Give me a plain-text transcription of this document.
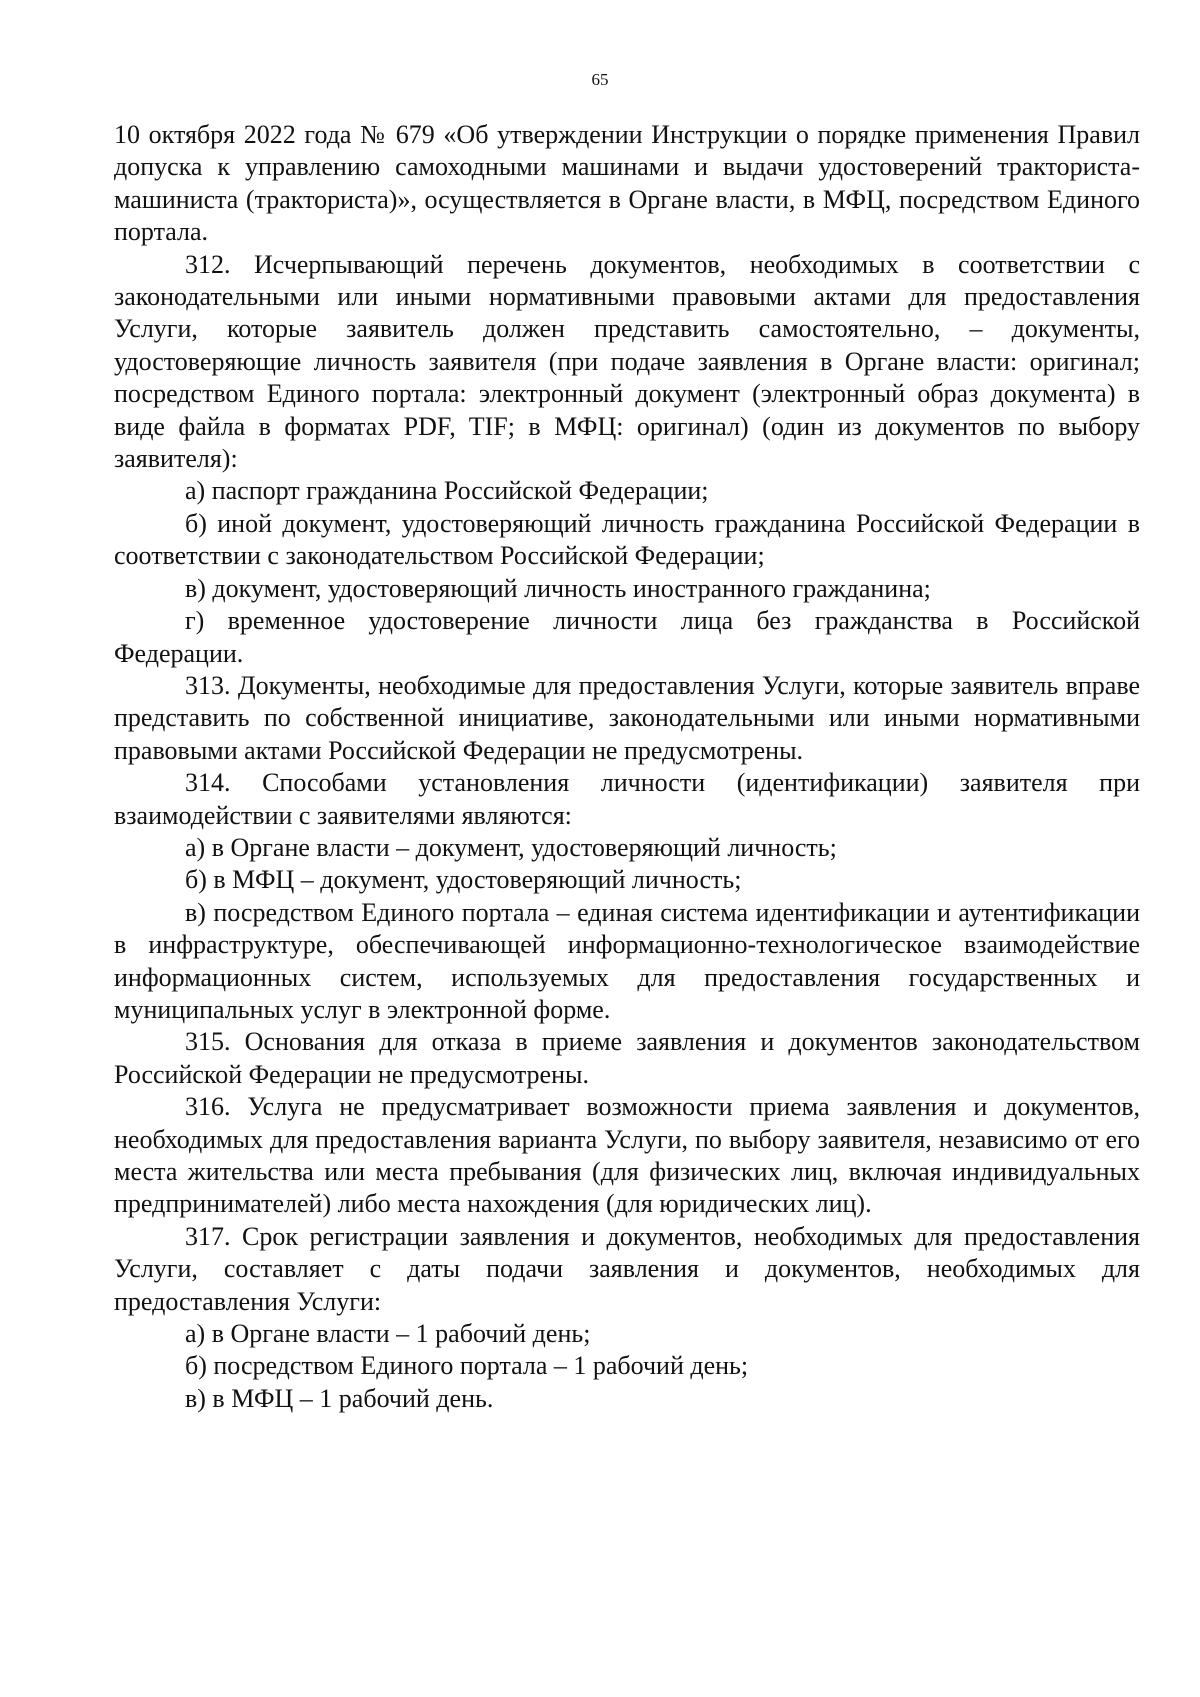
65

10 октября 2022 года № 679 «Об утверждении Инструкции о порядке применения Правил допуска к управлению самоходными машинами и выдачи удостоверений тракториста-машиниста (тракториста)», осуществляется в Органе власти, в МФЦ, посредством Единого портала.

312. Исчерпывающий перечень документов, необходимых в соответствии с законодательными или иными нормативными правовыми актами для предоставления Услуги, которые заявитель должен представить самостоятельно, – документы, удостоверяющие личность заявителя (при подаче заявления в Органе власти: оригинал; посредством Единого портала: электронный документ (электронный образ документа) в виде файла в форматах PDF, TIF; в МФЦ: оригинал) (один из документов по выбору заявителя):

а) паспорт гражданина Российской Федерации;

б) иной документ, удостоверяющий личность гражданина Российской Федерации в соответствии с законодательством Российской Федерации;

в) документ, удостоверяющий личность иностранного гражданина;

г) временное удостоверение личности лица без гражданства в Российской Федерации.

313. Документы, необходимые для предоставления Услуги, которые заявитель вправе представить по собственной инициативе, законодательными или иными нормативными правовыми актами Российской Федерации не предусмотрены.

314. Способами установления личности (идентификации) заявителя при взаимодействии с заявителями являются:

а) в Органе власти – документ, удостоверяющий личность;

б) в МФЦ – документ, удостоверяющий личность;

в) посредством Единого портала – единая система идентификации и аутентификации в инфраструктуре, обеспечивающей информационно-технологическое взаимодействие информационных систем, используемых для предоставления государственных и муниципальных услуг в электронной форме.

315. Основания для отказа в приеме заявления и документов законодательством Российской Федерации не предусмотрены.

316. Услуга не предусматривает возможности приема заявления и документов, необходимых для предоставления варианта Услуги, по выбору заявителя, независимо от его места жительства или места пребывания (для физических лиц, включая индивидуальных предпринимателей) либо места нахождения (для юридических лиц).

317. Срок регистрации заявления и документов, необходимых для предоставления Услуги, составляет с даты подачи заявления и документов, необходимых для предоставления Услуги:

а) в Органе власти – 1 рабочий день;

б) посредством Единого портала – 1 рабочий день;

в) в МФЦ – 1 рабочий день.
